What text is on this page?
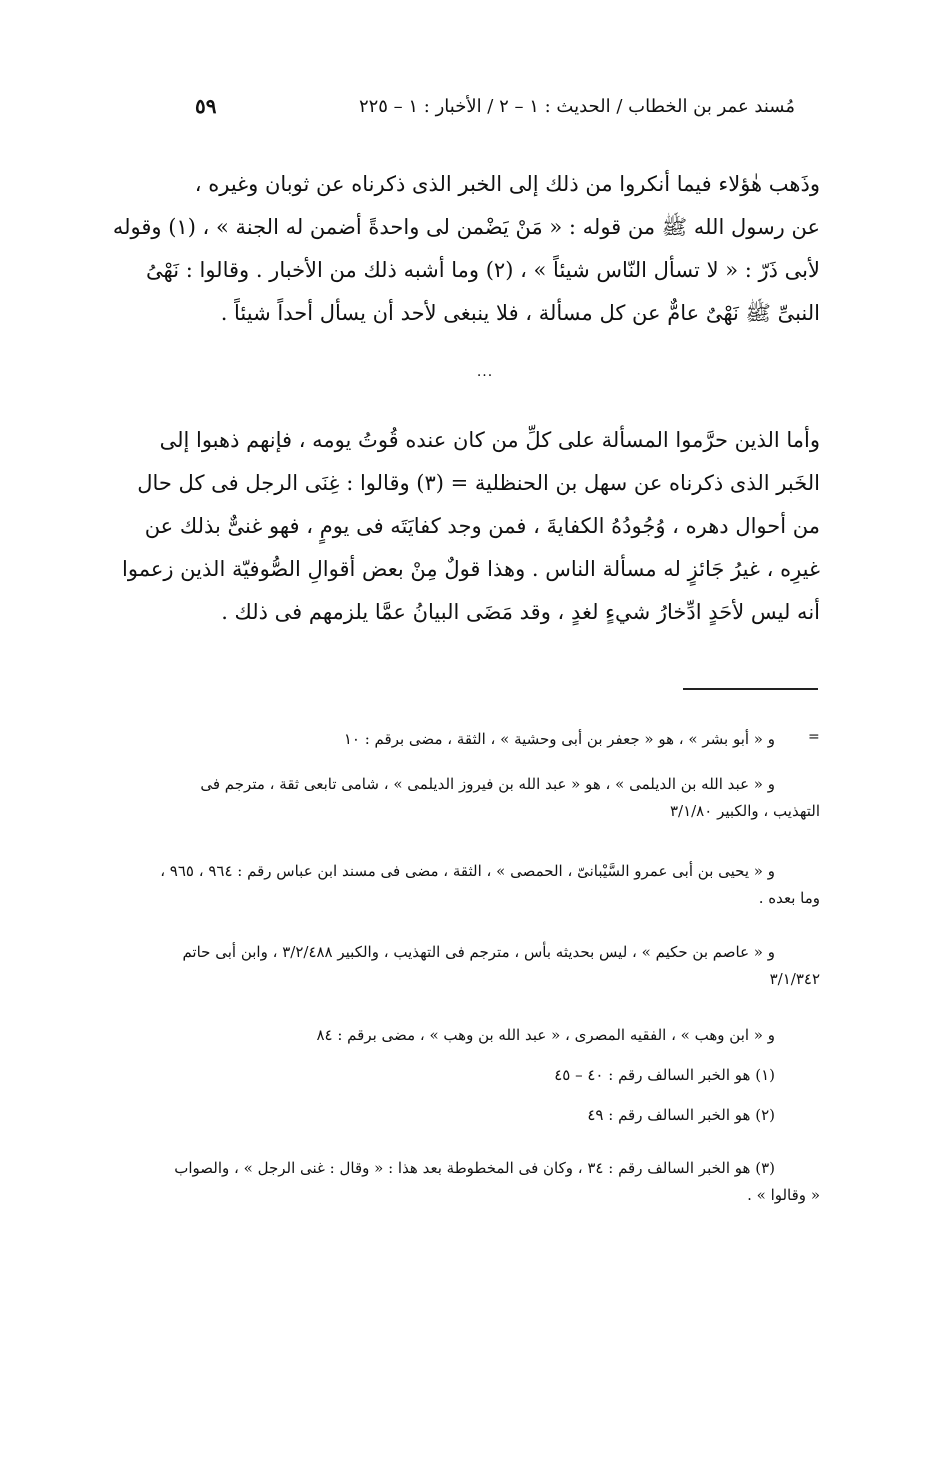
مُسند عمر بن الخطاب / الحديث : ١ – ٢ / الأخبار : ١ – ٢٢٥
٥٩
وذَهب هٰؤلاء فيما أنكروا من ذلك إلى الخبر الذى ذكرناه عن ثوبان وغيره ،
عن رسول الله ﷺ من قوله : « مَنْ يَضْمن لى واحدةً أضمن له الجنة » ، (١) وقوله
لأبى ذَرّ : « لا تسأل النّاس شيئاً » ، (٢) وما أشبه ذلك من الأخبار . وقالوا : نَهْىُ
النبىِّ ﷺ نَهْىٌ عامٌّ عن كل مسألة ، فلا ينبغى لأحد أن يسأل أحداً شيئاً .
...
وأما الذين حرَّموا المسألة على كلِّ من كان عنده قُوتُ يومه ، فإنهم ذهبوا إلى
الخَبر الذى ذكرناه عن سهل بن الحنظلية = (٣) وقالوا : غِنَى الرجل فى كل حال
من أحوال دهره ، وُجُودُهُ الكفايةَ ، فمن وجد كفايَتَه فى يومٍ ، فهو غنىٌّ بذلك عن
غيرِه ، غيرُ جَائزٍ له مسألة الناس . وهذا قولٌ مِنْ بعض أقوالِ الصُّوفيّة الذين زعموا
أنه ليس لأحَدٍ ادِّخارُ شيءٍ لغدٍ ، وقد مَضَى البيانُ عمَّا يلزمهم فى ذلك .
=
و « أبو بشر » ، هو « جعفر بن أبى وحشية » ، الثقة ، مضى برقم : ١٠
و « عبد الله بن الديلمى » ، هو « عبد الله بن فيروز الديلمى » ، شامى تابعى ثقة ، مترجم فى
التهذيب ، والكبير ٣/١/٨٠
و « يحيى بن أبى عمرو السَّيْبانىّ ، الحمصى » ، الثقة ، مضى فى مسند ابن عباس رقم : ٩٦٤ ، ٩٦٥ ،
وما بعده .
و « عاصم بن حكيم » ، ليس بحديثه بأس ، مترجم فى التهذيب ، والكبير ٣/٢/٤٨٨ ، وابن أبى حاتم
٣/١/٣٤٢
و « ابن وهب » ، الفقيه المصرى ، « عبد الله بن وهب » ، مضى برقم : ٨٤
(١) هو الخبر السالف رقم : ٤٠ – ٤٥
(٢) هو الخبر السالف رقم : ٤٩
(٣) هو الخبر السالف رقم : ٣٤ ، وكان فى المخطوطة بعد هذا : « وقال : غنى الرجل » ، والصواب
« وقالوا » .
